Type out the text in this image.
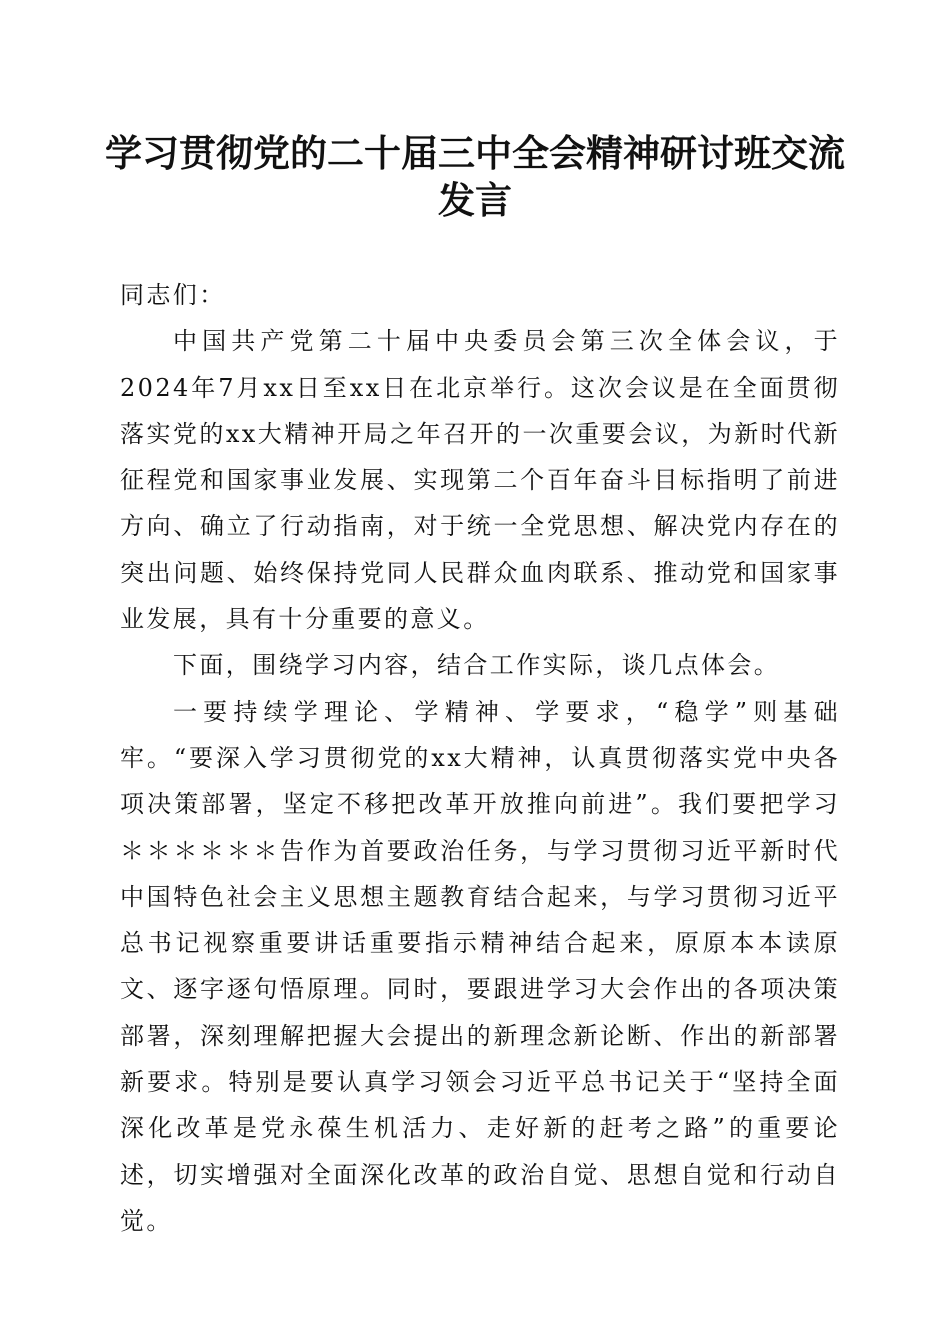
学习贯彻党的二十届三中全会精神研讨班交流
发言

同志们：

中国共产党第二十届中央委员会第三次全体会议，于2024年7月xx日至xx日在北京举行。这次会议是在全面贯彻落实党的xx大精神开局之年召开的一次重要会议，为新时代新征程党和国家事业发展、实现第二个百年奋斗目标指明了前进方向、确立了行动指南，对于统一全党思想、解决党内存在的突出问题、始终保持党同人民群众血肉联系、推动党和国家事业发展，具有十分重要的意义。

下面，围绕学习内容，结合工作实际，谈几点体会。

一要持续学理论、学精神、学要求，“稳学”则基础牢。“要深入学习贯彻党的xx大精神，认真贯彻落实党中央各项决策部署，坚定不移把改革开放推向前进”。我们要把学习＊＊＊＊＊＊告作为首要政治任务，与学习贯彻习近平新时代中国特色社会主义思想主题教育结合起来，与学习贯彻习近平总书记视察重要讲话重要指示精神结合起来，原原本本读原文、逐字逐句悟原理。同时，要跟进学习大会作出的各项决策部署，深刻理解把握大会提出的新理念新论断、作出的新部署新要求。特别是要认真学习领会习近平总书记关于“坚持全面深化改革是党永葆生机活力、走好新的赶考之路”的重要论述，切实增强对全面深化改革的政治自觉、思想自觉和行动自觉。
